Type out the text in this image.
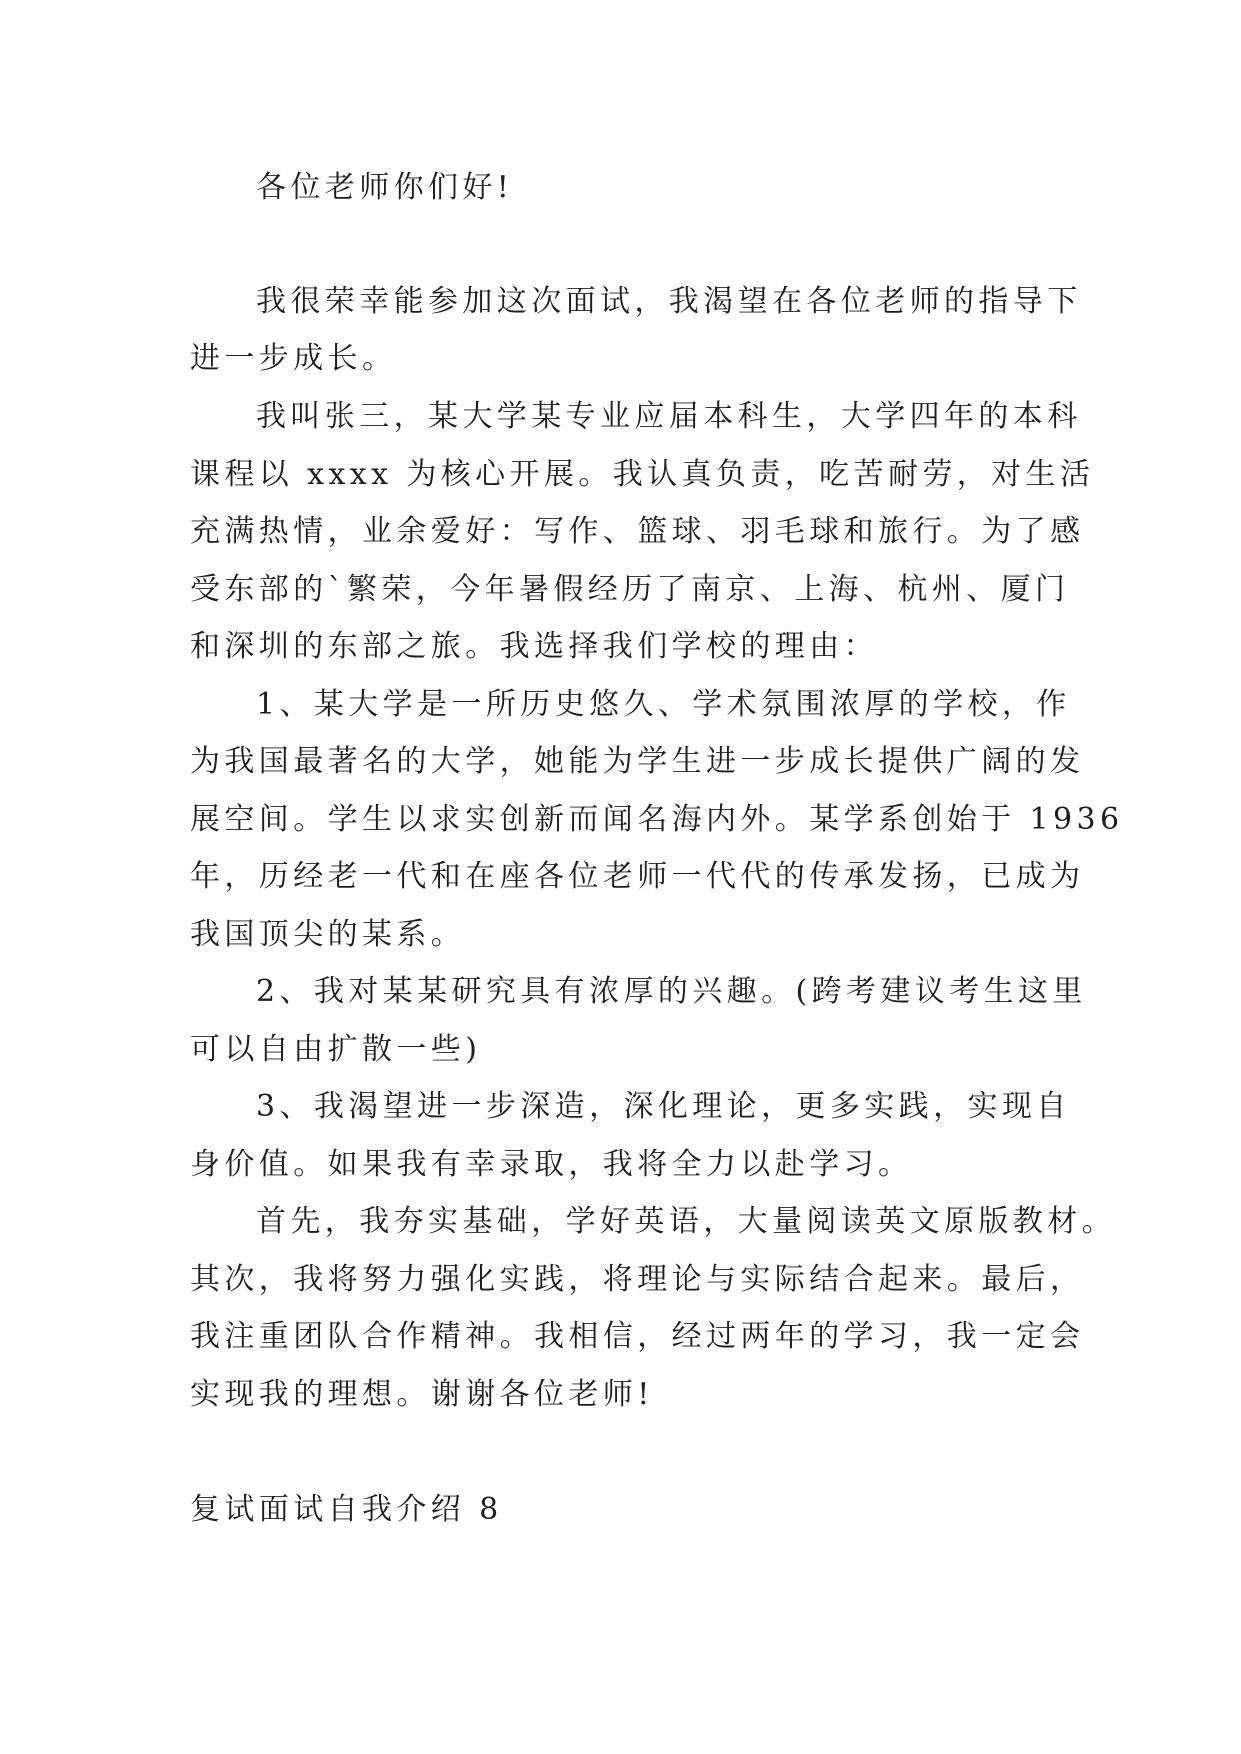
各位老师你们好!
我很荣幸能参加这次面试，我渴望在各位老师的指导下
进一步成长。
我叫张三，某大学某专业应届本科生，大学四年的本科
课程以 xxxx 为核心开展。我认真负责，吃苦耐劳，对生活
充满热情，业余爱好：写作、篮球、羽毛球和旅行。为了感
受东部的`繁荣，今年暑假经历了南京、上海、杭州、厦门
和深圳的东部之旅。我选择我们学校的理由：
1、某大学是一所历史悠久、学术氛围浓厚的学校，作
为我国最著名的大学，她能为学生进一步成长提供广阔的发
展空间。学生以求实创新而闻名海内外。某学系创始于 1936
年，历经老一代和在座各位老师一代代的传承发扬，已成为
我国顶尖的某系。
2、我对某某研究具有浓厚的兴趣。(跨考建议考生这里
可以自由扩散一些)
3、我渴望进一步深造，深化理论，更多实践，实现自
身价值。如果我有幸录取，我将全力以赴学习。
首先，我夯实基础，学好英语，大量阅读英文原版教材。
其次，我将努力强化实践，将理论与实际结合起来。最后，
我注重团队合作精神。我相信，经过两年的学习，我一定会
实现我的理想。谢谢各位老师!
复试面试自我介绍 8
